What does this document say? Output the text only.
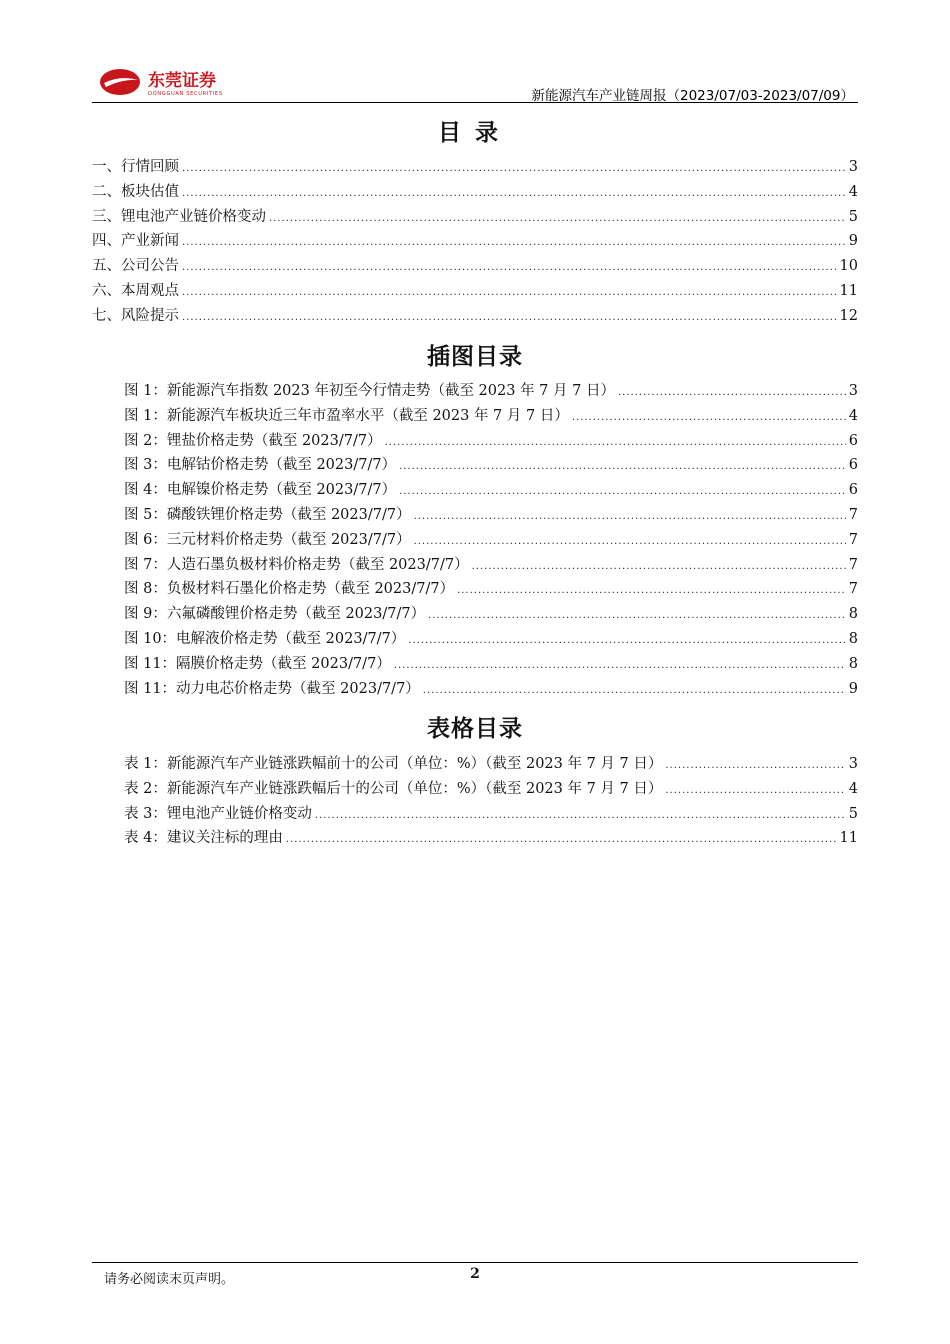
东莞证券
DONGGUAN SECURITIES	新能源汽车产业链周报（2023/07/03-2023/07/09）
目录
一、行情回顾 .....	3
二、板块估值 .....	4
三、锂电池产业链价格变动 .....	5
四、产业新闻 .....	9
五、公司公告 .....	10
六、本周观点 .....	11
七、风险提示 .....	12
插图目录
图 1：新能源汽车指数 2023 年初至今行情走势（截至 2023 年 7 月 7 日） .....	3
图 1：新能源汽车板块近三年市盈率水平（截至 2023 年 7 月 7 日） .....	4
图 2：锂盐价格走势（截至 2023/7/7） .....	6
图 3：电解钴价格走势（截至 2023/7/7） .....	6
图 4：电解镍价格走势（截至 2023/7/7） .....	6
图 5：磷酸铁锂价格走势（截至 2023/7/7） .....	7
图 6：三元材料价格走势（截至 2023/7/7） .....	7
图 7：人造石墨负极材料价格走势（截至 2023/7/7） .....	7
图 8：负极材料石墨化价格走势（截至 2023/7/7） .....	7
图 9：六氟磷酸锂价格走势（截至 2023/7/7） .....	8
图 10：电解液价格走势（截至 2023/7/7） .....	8
图 11：隔膜价格走势（截至 2023/7/7） .....	8
图 11：动力电芯价格走势（截至 2023/7/7） .....	9
表格目录
表 1：新能源汽车产业链涨跌幅前十的公司（单位：%）（截至 2023 年 7 月 7 日） .....	3
表 2：新能源汽车产业链涨跌幅后十的公司（单位：%）（截至 2023 年 7 月 7 日） .....	4
表 3：锂电池产业链价格变动 .....	5
表 4：建议关注标的理由 .....	11
请务必阅读末页声明。	2
